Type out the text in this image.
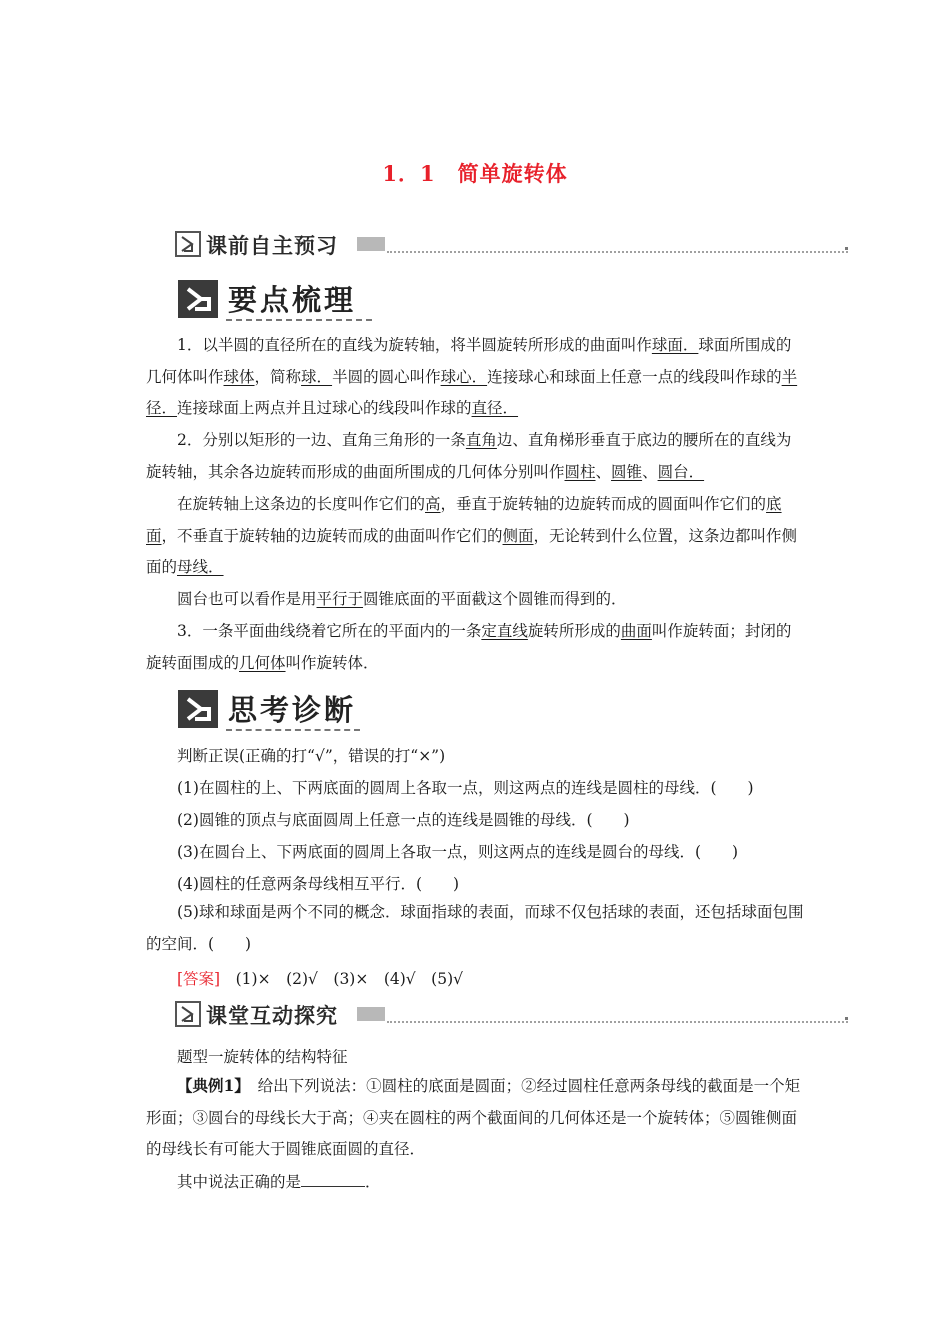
1．1　简单旋转体
课前自主预习
要点梳理
1．以半圆的直径所在的直线为旋转轴，将半圆旋转所形成的曲面叫作球面．球面所围成的几何体叫作球体，简称球．半圆的圆心叫作球心．连接球心和球面上任意一点的线段叫作球的半径．连接球面上两点并且过球心的线段叫作球的直径．
2．分别以矩形的一边、直角三角形的一条直角边、直角梯形垂直于底边的腰所在的直线为旋转轴，其余各边旋转而形成的曲面所围成的几何体分别叫作圆柱、圆锥、圆台．
在旋转轴上这条边的长度叫作它们的高，垂直于旋转轴的边旋转而成的圆面叫作它们的底面，不垂直于旋转轴的边旋转而成的曲面叫作它们的侧面，无论转到什么位置，这条边都叫作侧面的母线．
圆台也可以看作是用平行于圆锥底面的平面截这个圆锥而得到的．
3．一条平面曲线绕着它所在的平面内的一条定直线旋转所形成的曲面叫作旋转面；封闭的旋转面围成的几何体叫作旋转体．
思考诊断
判断正误(正确的打“√”，错误的打“×”)
(1)在圆柱的上、下两底面的圆周上各取一点，则这两点的连线是圆柱的母线．(　　)
(2)圆锥的顶点与底面圆周上任意一点的连线是圆锥的母线．(　　)
(3)在圆台上、下两底面的圆周上各取一点，则这两点的连线是圆台的母线．(　　)
(4)圆柱的任意两条母线相互平行．(　　)
(5)球和球面是两个不同的概念．球面指球的表面，而球不仅包括球的表面，还包括球面包围的空间．(　　)
[答案]　 (1)×　(2)√　(3)×　(4)√　(5)√
课堂互动探究
题型一旋转体的结构特征
【典例1】　 给出下列说法：①圆柱的底面是圆面；②经过圆柱任意两条母线的截面是一个矩形面；③圆台的母线长大于高；④夹在圆柱的两个截面间的几何体还是一个旋转体；⑤圆锥侧面的母线长有可能大于圆锥底面圆的直径．
其中说法正确的是	．
